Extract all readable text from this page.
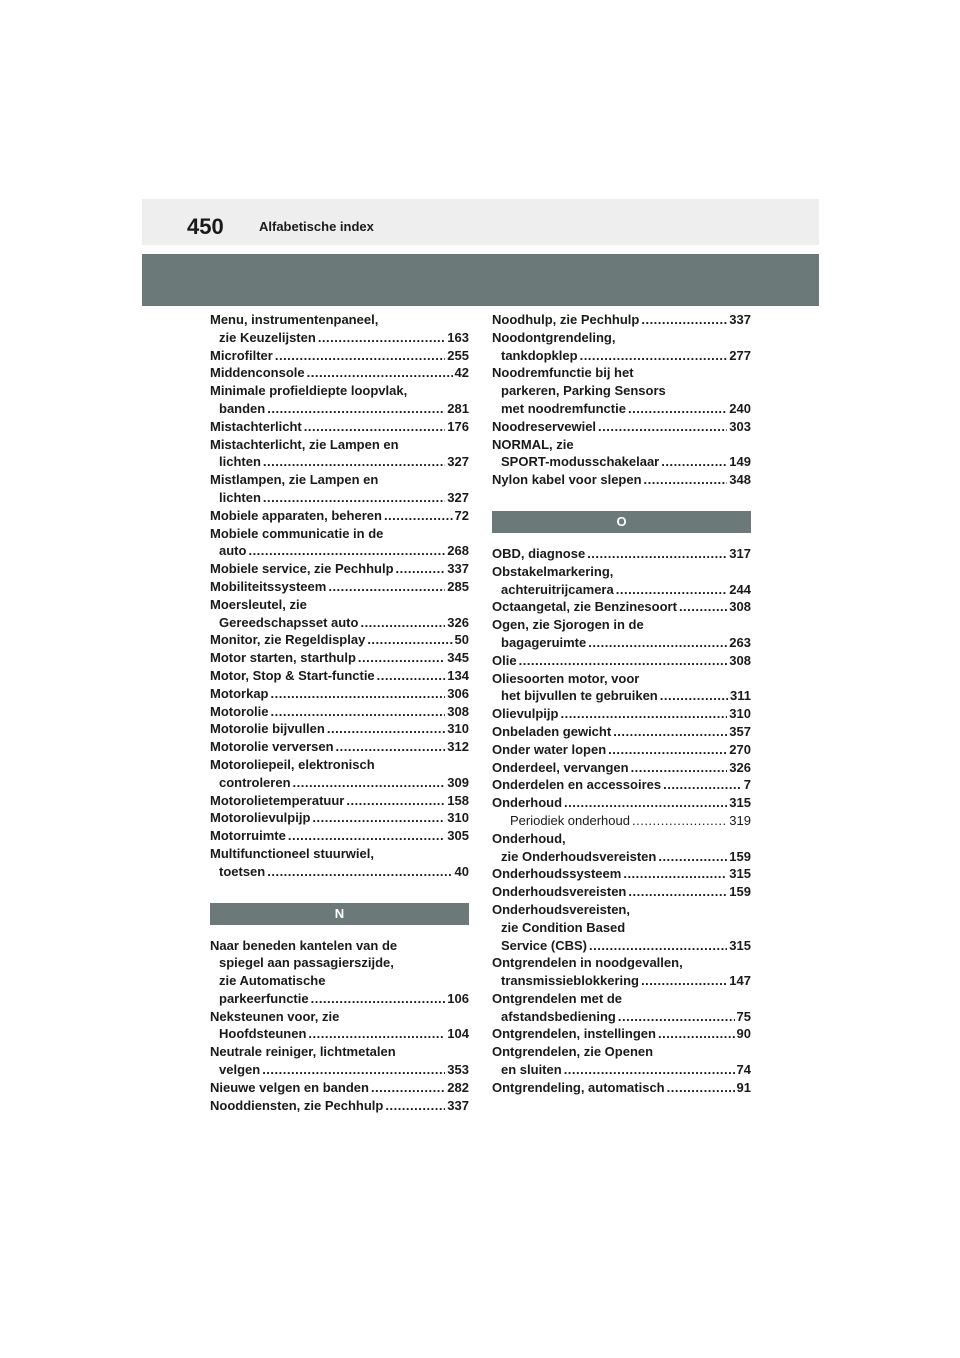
450	Alfabetische index
Menu, instrumentenpaneel,
zie Keuzelijsten .....	163
Microfilter .....	255
Middenconsole .....	42
Minimale profieldiepte loopvlak,
banden .....	281
Mistachterlicht .....	176
Mistachterlicht, zie Lampen en
lichten .....	327
Mistlampen, zie Lampen en
lichten .....	327
Mobiele apparaten, beheren .....	72
Mobiele communicatie in de
auto .....	268
Mobiele service, zie Pechhulp .....	337
Mobiliteitssysteem .....	285
Moersleutel, zie
Gereedschapsset auto .....	326
Monitor, zie Regeldisplay .....	50
Motor starten, starthulp .....	345
Motor, Stop & Start-functie .....	134
Motorkap .....	306
Motorolie .....	308
Motorolie bijvullen .....	310
Motorolie verversen .....	312
Motoroliepeil, elektronisch
controleren .....	309
Motorolietemperatuur .....	158
Motorolievulpijp .....	310
Motorruimte .....	305
Multifunctioneel stuurwiel,
toetsen .....	40
N
Naar beneden kantelen van de
spiegel aan passagierszijde,
zie Automatische
parkeerfunctie .....	106
Neksteunen voor, zie
Hoofdsteunen .....	104
Neutrale reiniger, lichtmetalen
velgen .....	353
Nieuwe velgen en banden .....	282
Nooddiensten, zie Pechhulp .....	337
Noodhulp, zie Pechhulp .....	337
Noodontgrendeling,
tankdopklep .....	277
Noodremfunctie bij het
parkeren, Parking Sensors
met noodremfunctie .....	240
Noodreservewiel .....	303
NORMAL, zie
SPORT-modusschakelaar .....	149
Nylon kabel voor slepen .....	348
O
OBD, diagnose .....	317
Obstakelmarkering,
achteruitrijcamera .....	244
Octaangetal, zie Benzinesoort .....	308
Ogen, zie Sjorogen in de
bagageruimte .....	263
Olie .....	308
Oliesoorten motor, voor
het bijvullen te gebruiken .....	311
Olievulpijp .....	310
Onbeladen gewicht .....	357
Onder water lopen .....	270
Onderdeel, vervangen .....	326
Onderdelen en accessoires .....	7
Onderhoud .....	315
Periodiek onderhoud .....	319
Onderhoud,
zie Onderhoudsvereisten .....	159
Onderhoudssysteem .....	315
Onderhoudsvereisten .....	159
Onderhoudsvereisten,
zie Condition Based
Service (CBS) .....	315
Ontgrendelen in noodgevallen,
transmissieblokkering .....	147
Ontgrendelen met de
afstandsbediening .....	75
Ontgrendelen, instellingen .....	90
Ontgrendelen, zie Openen
en sluiten .....	74
Ontgrendeling, automatisch .....	91
